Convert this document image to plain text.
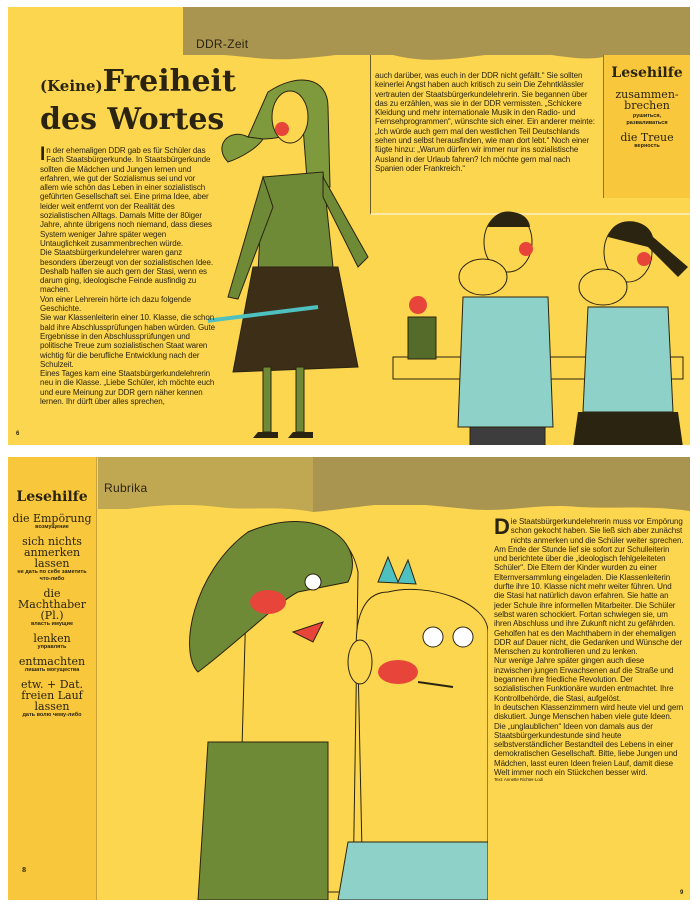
DDR-Zeit
(Keine)Freiheit
des Wortes

In der ehemaligen DDR gab es für Schüler das Fach Staatsbürgerkunde. In Staatsbürgerkunde sollten die Mädchen und Jungen lernen und erfahren, wie gut der Sozialismus sei und vor allem wie schön das Leben in einer sozialistisch geführten Gesellschaft sei. Eine prima Idee, aber leider weit entfernt von der Realität des sozialistischen Alltags. Damals Mitte der 80iger Jahre, ahnte übrigens noch niemand, dass dieses System weniger Jahre später wegen Untauglichkeit zusammenbrechen würde.

Die Staatsbürgerkundelehrer waren ganz besonders überzeugt von der sozialistischen Idee. Deshalb halfen sie auch gern der Stasi, wenn es darum ging, ideologische Feinde ausfindig zu machen.

Von einer Lehrerein hörte ich dazu folgende Geschichte.

Sie war Klassenleiterin einer 10. Klasse, die schon bald ihre Abschlussprüfungen haben würden. Gute Ergebnisse in den Abschlussprüfungen und politische Treue zum sozialistischen Staat waren wichtig für die berufliche Entwicklung nach der Schulzeit.

Eines Tages kam eine Staatsbürgerkundelehrerin neu in die Klasse. „Liebe Schüler, ich möchte euch und eure Meinung zur DDR gern näher kennen lernen. Ihr dürft über alles sprechen,

auch darüber, was euch in der DDR nicht gefällt.“ Sie sollten keinerlei Angst haben auch kritisch zu sein Die Zehntklässler vertrauten der Staatsbürgerkundelehrerin. Sie begannen über das zu erzählen, was sie in der DDR vermissten. „Schickere Kleidung und mehr internationale Musik in den Radio- und Fernsehprogrammen“, wünschte sich einer. Ein anderer meinte: „Ich würde auch gern mal den westlichen Teil Deutschlands sehen und selbst herausfinden, wie man dort lebt.“ Noch einer fügte hinzu: „Warum dürfen wir immer nur ins sozialistische Ausland in der Urlaub fahren? Ich möchte gern mal nach Spanien oder Frankreich.“
Lesehilfe
zusammen-brechen
рушиться, разваливаться
die Treue
верность
6
Lesehilfe
die Empörung
возмущение
sich nichts anmerken lassen
не дать по себе заметить что-либо
die Machthaber (Pl.)
власть имущие
lenken
управлять
entmachten
лишать могущества
etw. + Dat. freien Lauf lassen
дать волю чему-либо
8
Rubrika

Die Staatsbürgerkundelehrerin muss vor Empörung schon gekocht haben. Sie ließ sich aber zunächst nichts anmerken und die Schüler weiter sprechen. Am Ende der Stunde lief sie sofort zur Schulleiterin und berichtete über die „ideologisch fehlgeleiteten Schüler“. Die Eltern der Kinder wurden zu einer Elternversammlung eingeladen. Die Klassenleiterin durfte ihre 10. Klasse nicht mehr weiter führen. Und die Stasi hat natürlich davon erfahren. Sie hatte an jeder Schule ihre informellen Mitarbeiter. Die Schüler selbst waren schockiert. Fortan schwiegen sie, um ihren Abschluss und ihre Zukunft nicht zu gefährden.

Geholfen hat es den Machthabern in der ehemaligen DDR auf Dauer nicht, die Gedanken und Wünsche der Menschen zu kontrollieren und zu lenken.

Nur wenige Jahre später gingen auch diese inzwischen jungen Erwachsenen auf die Straße und begannen ihre friedliche Revolution. Der sozialistischen Funktionäre wurden entmachtet. Ihre Kontrollbehörde, die Stasi, aufgelöst.

In deutschen Klassenzimmern wird heute viel und gern diskutiert. Junge Menschen haben viele gute Ideen. Die „unglaublichen“ Ideen von damals aus der Staatsbürgerkundestunde sind heute selbstverständlicher Bestandteil des Lebens in einer demokratischen Gesellschaft. Bitte, liebe Jungen und Mädchen, lasst euren Ideen freien Lauf, damit diese Welt immer noch ein Stückchen besser wird.

Text: Annette Richter-Lodi

9
